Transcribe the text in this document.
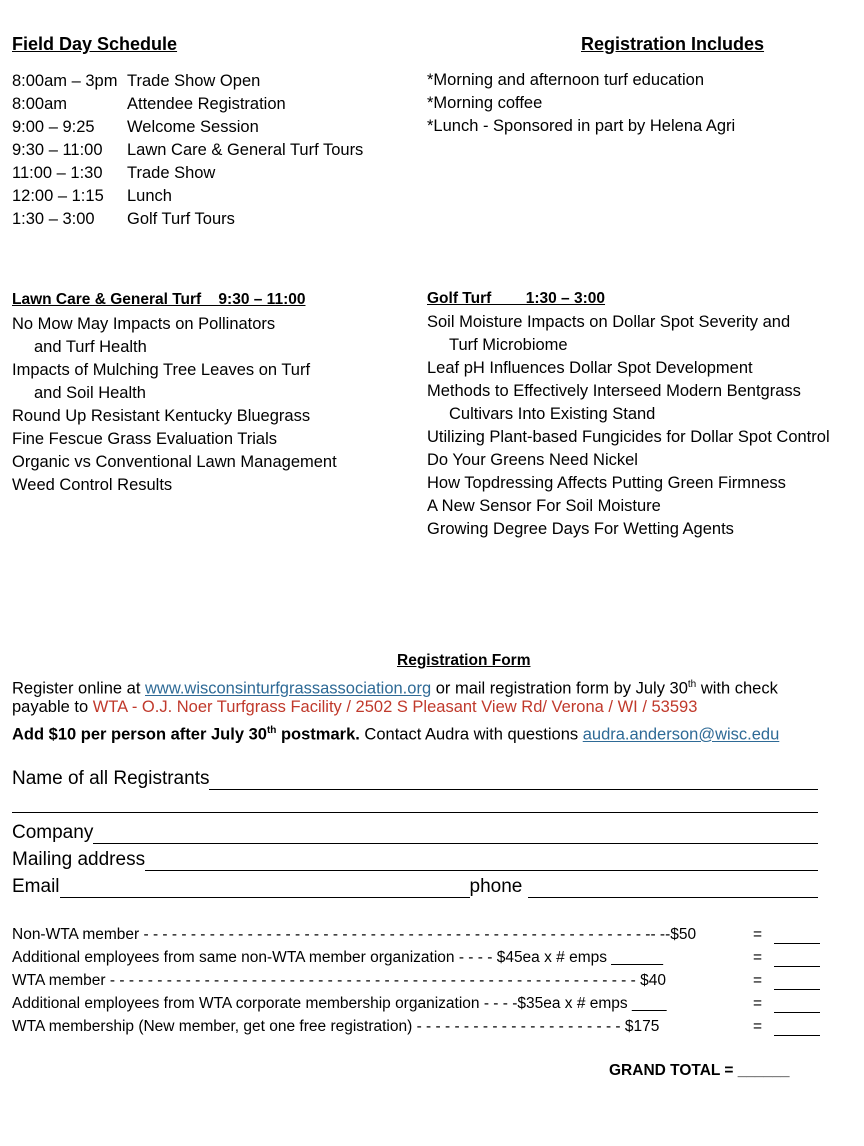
Field Day Schedule
8:00am – 3pm Trade Show Open
8:00am	Attendee Registration
9:00 – 9:25	Welcome Session
9:30 – 11:00	Lawn Care & General Turf Tours
11:00 – 1:30	Trade Show
12:00 – 1:15	Lunch
1:30 – 3:00	Golf Turf Tours
Registration Includes
*Morning and afternoon turf education
*Morning coffee
*Lunch - Sponsored in part by Helena Agri
Lawn Care & General Turf    9:30 – 11:00
No Mow May Impacts on Pollinators
and Turf Health
Impacts of Mulching Tree Leaves on Turf
and Soil Health
Round Up Resistant Kentucky Bluegrass
Fine Fescue Grass Evaluation Trials
Organic vs Conventional Lawn Management
Weed Control Results
Golf Turf        1:30 – 3:00
Soil Moisture Impacts on Dollar Spot Severity and
Turf Microbiome
Leaf pH Influences Dollar Spot Development
Methods to Effectively Interseed Modern Bentgrass
Cultivars Into Existing Stand
Utilizing Plant-based Fungicides for Dollar Spot Control
Do Your Greens Need Nickel
How Topdressing Affects Putting Green Firmness
A New Sensor For Soil Moisture
Growing Degree Days For Wetting Agents
Registration Form
Register online at www.wisconsinturfgrassassociation.org or mail registration form by July 30th with check
payable to WTA - O.J. Noer Turfgrass Facility / 2502 S Pleasant View Rd/ Verona / WI / 53593
Add $10 per person after July 30th postmark. Contact Audra with questions audra.anderson@wisc.edu
Name of all Registrants
Company
Mailing address
Email	phone
Non-WTA member - - - - - - - - - - - - - - - - - - - - - - - - - - - - - - - - - - - - - - - - - - - - - - - - - - - - - -- --$50	=
Additional employees from same non-WTA member organization - - - - $45ea x # emps ______	=
WTA member - - - - - - - - - - - - - - - - - - - - - - - - - - - - - - - - - - - - - - - - - - - - - - - - - - - - - - - - $40	=
Additional employees from WTA corporate membership organization - - - -$35ea x # emps ____	=
WTA membership (New member, get one free registration) - - - - - - - - - - - - - - - - - - - - - - $175	=
GRAND TOTAL = ______
